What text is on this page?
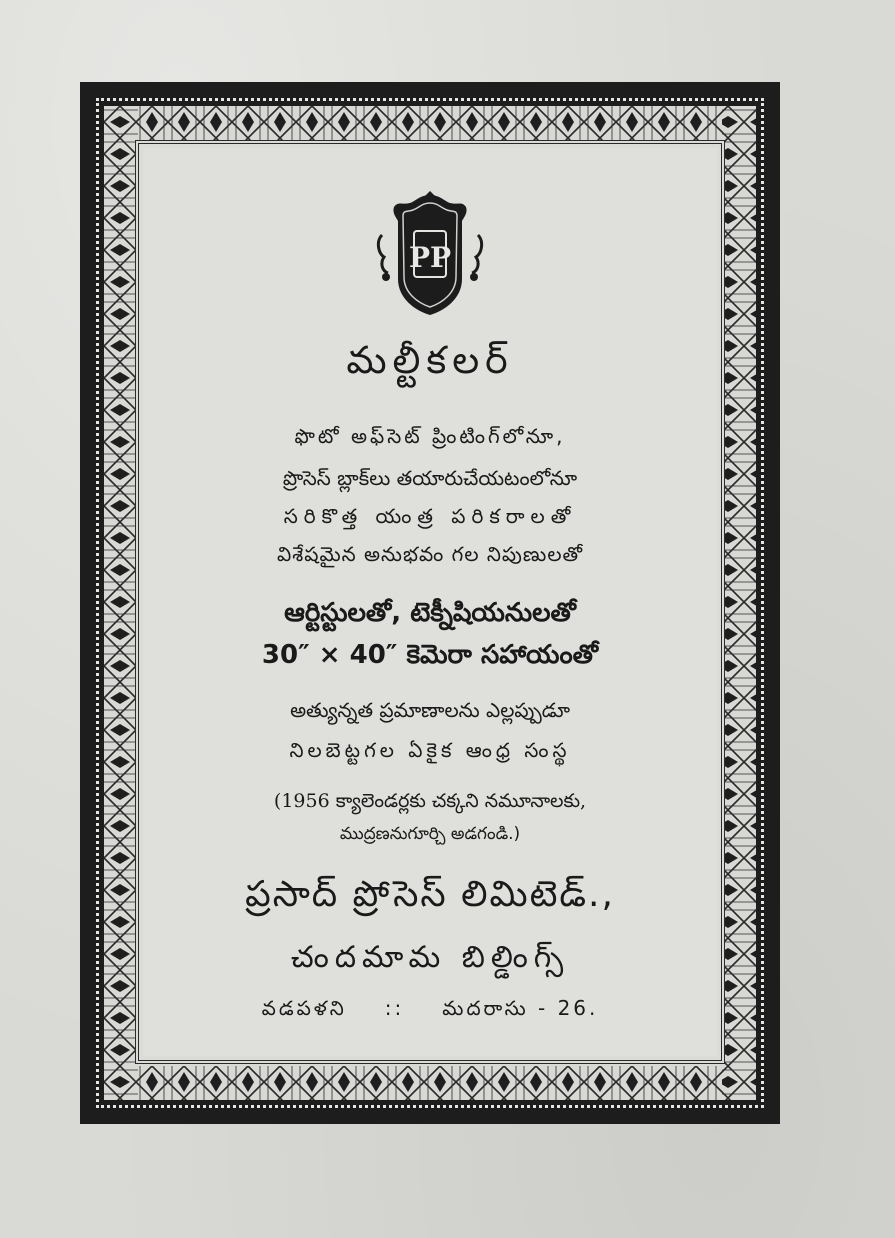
PP
మల్టీకలర్
ఫొటో అఫ్‌సెట్ ప్రింటింగ్‌లోనూ,
ప్రొసెస్ బ్లాక్‌లు తయారుచేయటంలోనూ
సరికొత్త యంత్ర పరికరాలతో
విశేషమైన అనుభవం గల నిపుణులతో
ఆర్టిస్టులతో, టెక్నీషియనులతో
30″ × 40″ కెమెరా సహాయంతో
అత్యున్నత ప్రమాణాలను ఎల్లప్పుడూ
నిలబెట్టగల ఏకైక ఆంధ్ర సంస్థ
(1956 క్యాలెండర్లకు చక్కని నమూనాలకు,
ముద్రణనుగూర్చి అడగండి.)
ప్రసాద్ ప్రోసెస్ లిమిటెడ్.,
చందమామ బిల్డింగ్స్
వడపళని :: మదరాసు - 26.
